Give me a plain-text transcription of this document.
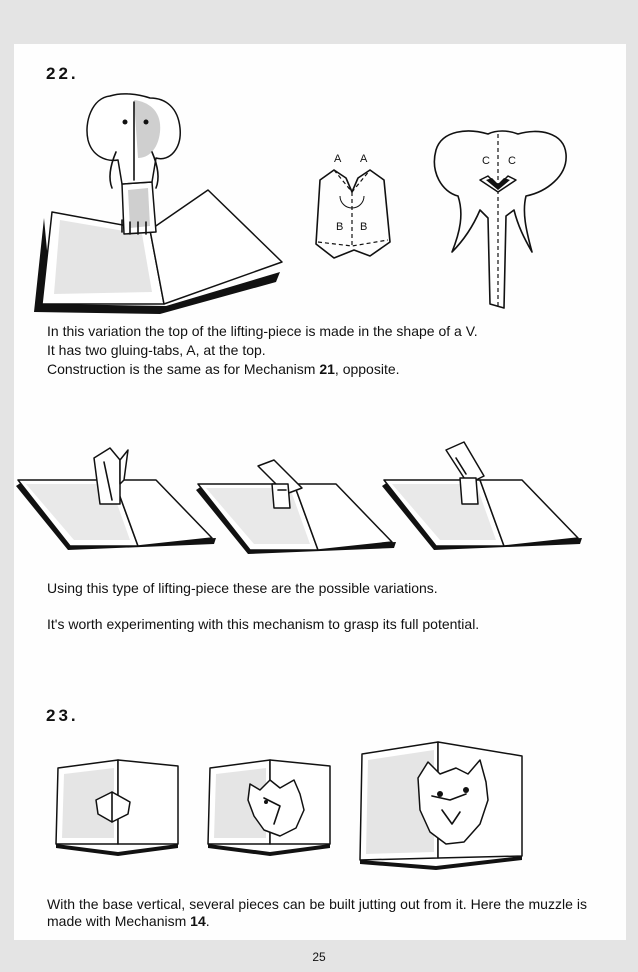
22.
A A
B B
C C
In this variation the top of the lifting-piece is made in the shape of a V.
It has two gluing-tabs, A, at the top.
Construction is the same as for Mechanism 21, opposite.
Using this type of lifting-piece these are the possible variations.
It's worth experimenting with this mechanism to grasp its full potential.
23.
With the base vertical, several pieces can be built jutting out from it. Here the muzzle is made with Mechanism 14.
25
